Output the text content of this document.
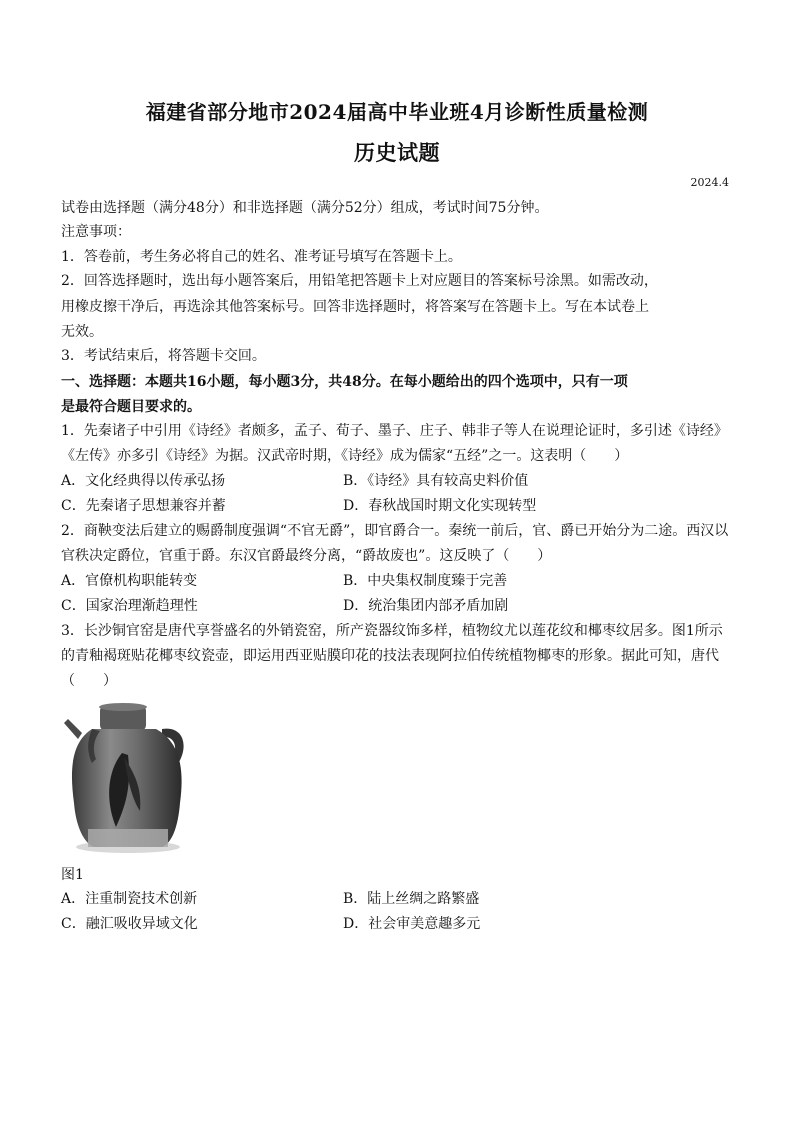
福建省部分地市2024届高中毕业班4月诊断性质量检测
历史试题
2024.4
试卷由选择题（满分48分）和非选择题（满分52分）组成，考试时间75分钟。
注意事项：
1．答卷前，考生务必将自己的姓名、准考证号填写在答题卡上。
2．回答选择题时，选出每小题答案后，用铅笔把答题卡上对应题目的答案标号涂黑。如需改动，
用橡皮擦干净后，再选涂其他答案标号。回答非选择题时，将答案写在答题卡上。写在本试卷上
无效。
3．考试结束后，将答题卡交回。
一、选择题：本题共16小题，每小题3分，共48分。在每小题给出的四个选项中，只有一项
是最符合题目要求的。
1．先秦诸子中引用《诗经》者颇多，孟子、荀子、墨子、庄子、韩非子等人在说理论证时，多引述《诗经》
《左传》亦多引《诗经》为据。汉武帝时期，《诗经》成为儒家“五经”之一。这表明（　　）
A．文化经典得以传承弘扬	B．《诗经》具有较高史料价值
C．先秦诸子思想兼容并蓄	D．春秋战国时期文化实现转型
2．商鞅变法后建立的赐爵制度强调“不官无爵”，即官爵合一。秦统一前后，官、爵已开始分为二途。西汉以
官秩决定爵位，官重于爵。东汉官爵最终分离，“爵故废也”。这反映了（　　）
A．官僚机构职能转变	B．中央集权制度臻于完善
C．国家治理渐趋理性	D．统治集团内部矛盾加剧
3．长沙铜官窑是唐代享誉盛名的外销瓷窑，所产瓷器纹饰多样，植物纹尤以莲花纹和椰枣纹居多。图1所示
的青釉褐斑贴花椰枣纹瓷壶，即运用西亚贴膜印花的技法表现阿拉伯传统植物椰枣的形象。据此可知，唐代
（　　）
图1
A．注重制瓷技术创新	B．陆上丝绸之路繁盛
C．融汇吸收异域文化	D．社会审美意趣多元
